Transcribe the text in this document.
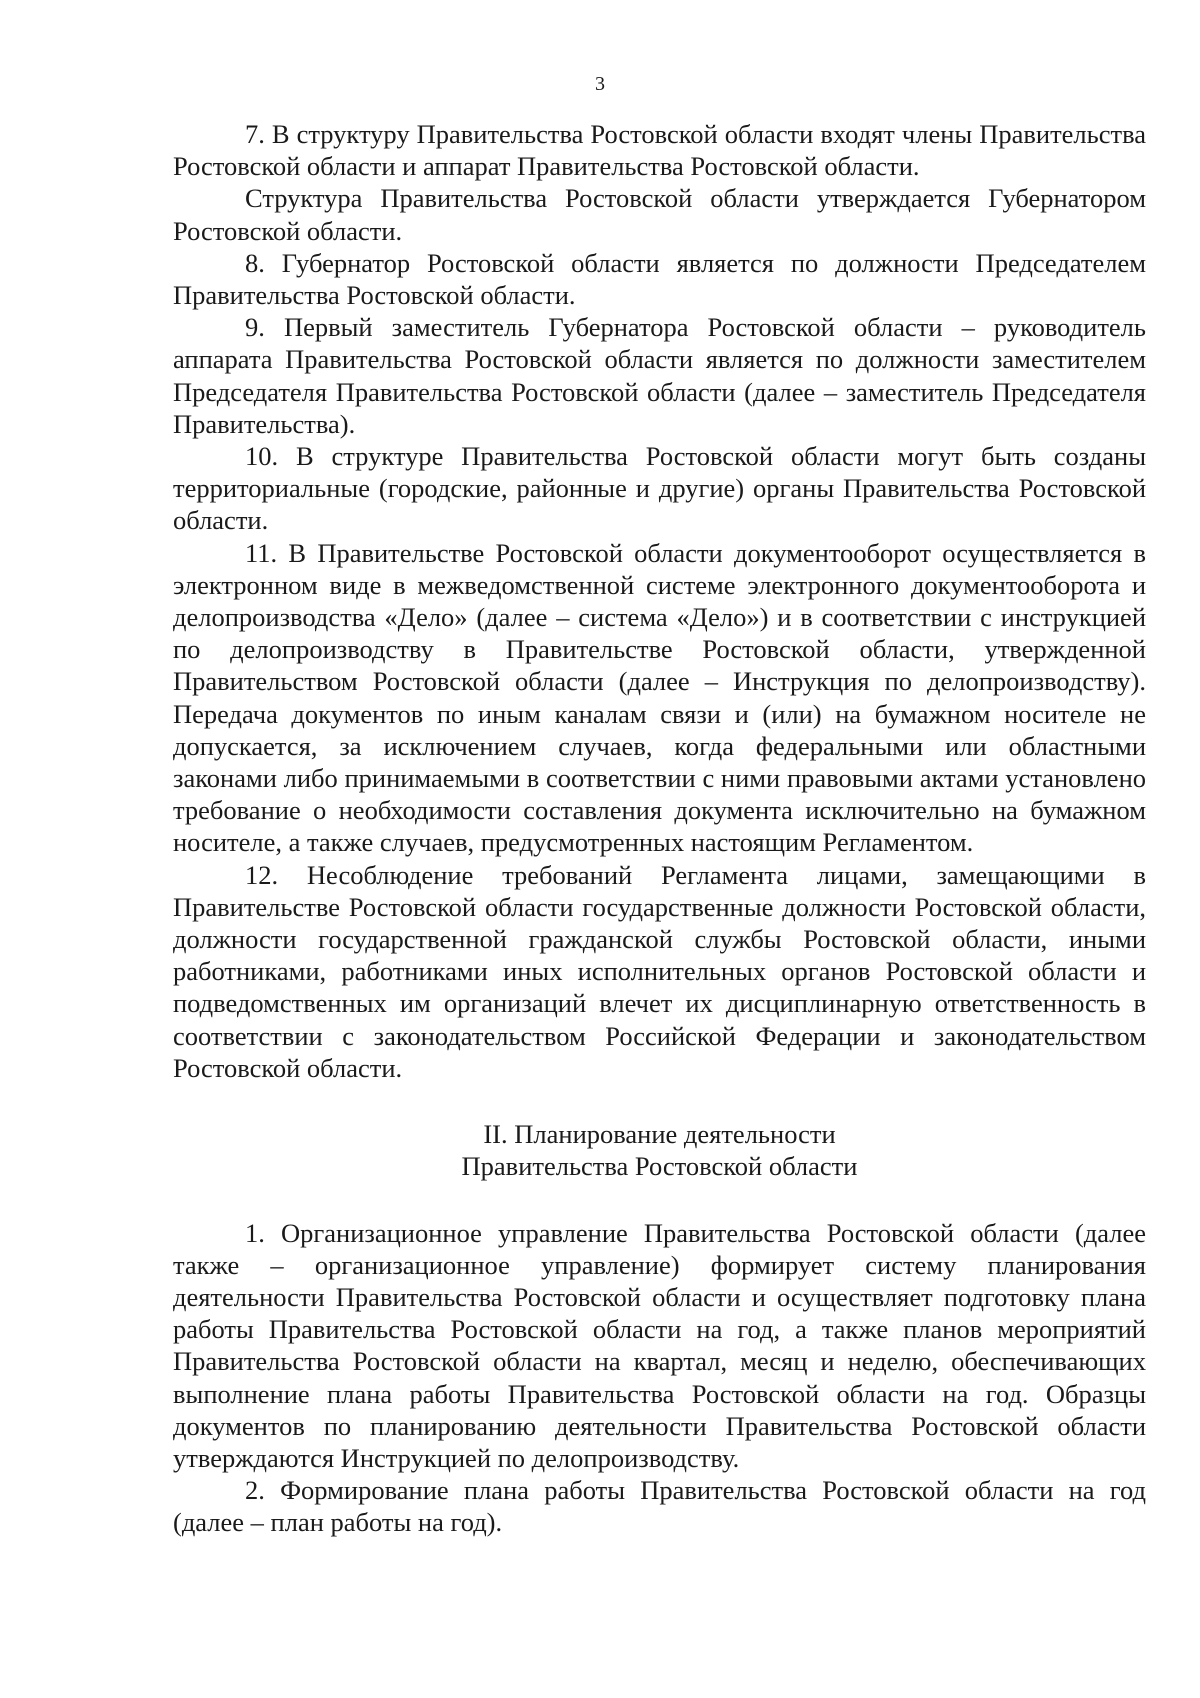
3

7. В структуру Правительства Ростовской области входят члены Правительства Ростовской области и аппарат Правительства Ростовской области.

Структура Правительства Ростовской области утверждается Губернатором Ростовской области.

8. Губернатор Ростовской области является по должности Председателем Правительства Ростовской области.

9. Первый заместитель Губернатора Ростовской области – руководитель аппарата Правительства Ростовской области является по должности заместителем Председателя Правительства Ростовской области (далее – заместитель Председателя Правительства).

10. В структуре Правительства Ростовской области могут быть созданы территориальные (городские, районные и другие) органы Правительства Ростовской области.

11. В Правительстве Ростовской области документооборот осуществляется в электронном виде в межведомственной системе электронного документооборота и делопроизводства «Дело» (далее – система «Дело») и в соответствии с инструкцией по делопроизводству в Правительстве Ростовской области, утвержденной Правительством Ростовской области (далее – Инструкция по делопроизводству). Передача документов по иным каналам связи и (или) на бумажном носителе не допускается, за исключением случаев, когда федеральными или областными законами либо принимаемыми в соответствии с ними правовыми актами установлено требование о необходимости составления документа исключительно на бумажном носителе, а также случаев, предусмотренных настоящим Регламентом.

12. Несоблюдение требований Регламента лицами, замещающими в Правительстве Ростовской области государственные должности Ростовской области, должности государственной гражданской службы Ростовской области, иными работниками, работниками иных исполнительных органов Ростовской области и подведомственных им организаций влечет их дисциплинарную ответственность в соответствии с законодательством Российской Федерации и законодательством Ростовской области.

II. Планирование деятельности
Правительства Ростовской области

1. Организационное управление Правительства Ростовской области (далее также – организационное управление) формирует систему планирования деятельности Правительства Ростовской области и осуществляет подготовку плана работы Правительства Ростовской области на год, а также планов мероприятий Правительства Ростовской области на квартал, месяц и неделю, обеспечивающих выполнение плана работы Правительства Ростовской области на год. Образцы документов по планированию деятельности Правительства Ростовской области утверждаются Инструкцией по делопроизводству.

2. Формирование плана работы Правительства Ростовской области на год (далее – план работы на год).
